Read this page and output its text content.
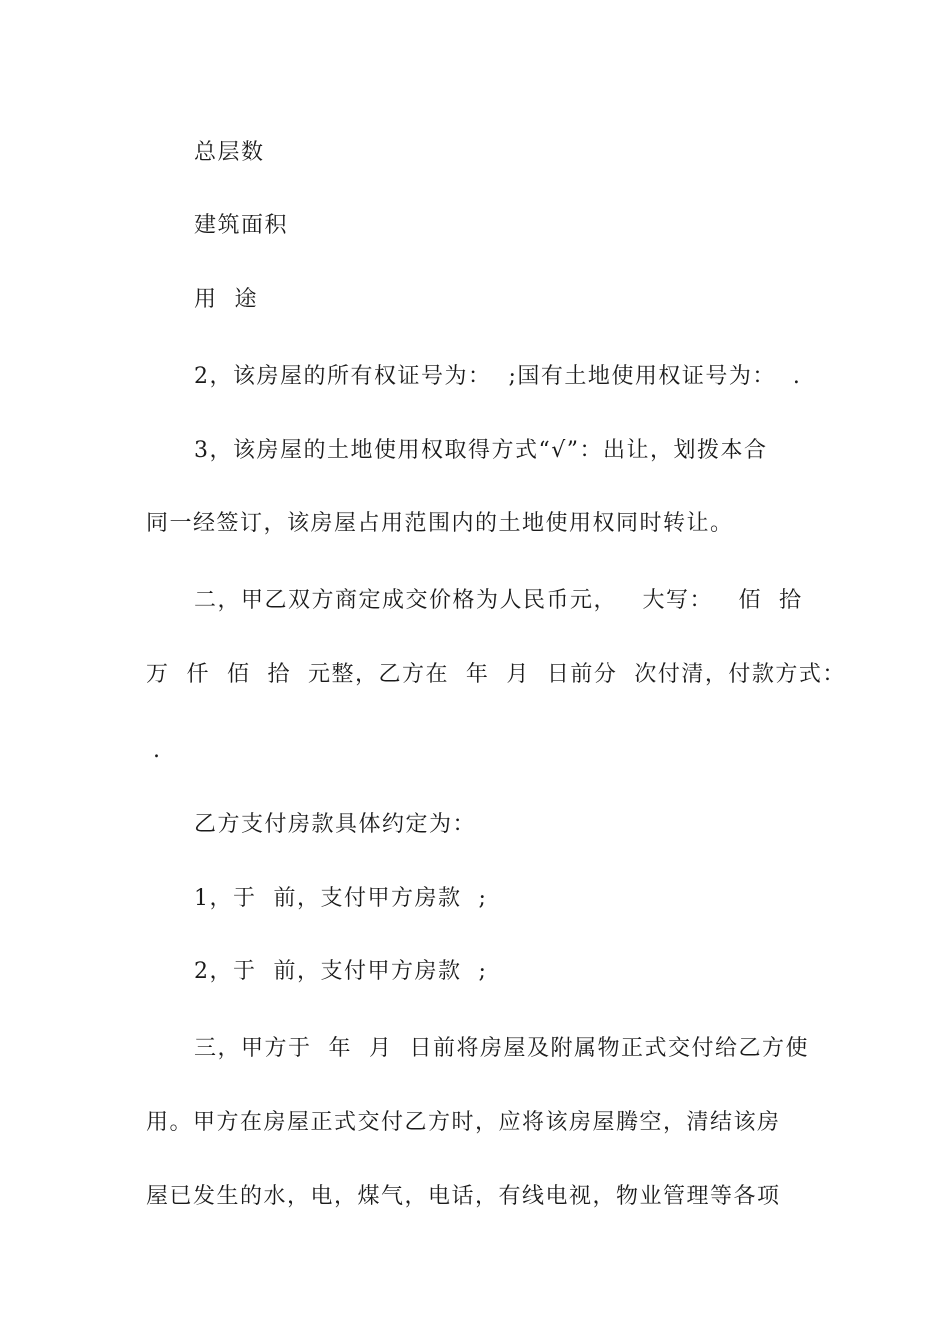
总层数
建筑面积
用  途
2，该房屋的所有权证号为：  ;国有土地使用权证号为：  .
3，该房屋的土地使用权取得方式“√”：出让，划拨本合
同一经签订，该房屋占用范围内的土地使用权同时转让。
二，甲乙双方商定成交价格为人民币元，   大写：   佰  拾
万  仟  佰  拾  元整，乙方在  年  月  日前分  次付清，付款方式：
.
乙方支付房款具体约定为：
1，于  前，支付甲方房款  ;
2，于  前，支付甲方房款  ;
三，甲方于  年  月  日前将房屋及附属物正式交付给乙方使
用。甲方在房屋正式交付乙方时，应将该房屋腾空，清结该房
屋已发生的水，电，煤气，电话，有线电视，物业管理等各项
